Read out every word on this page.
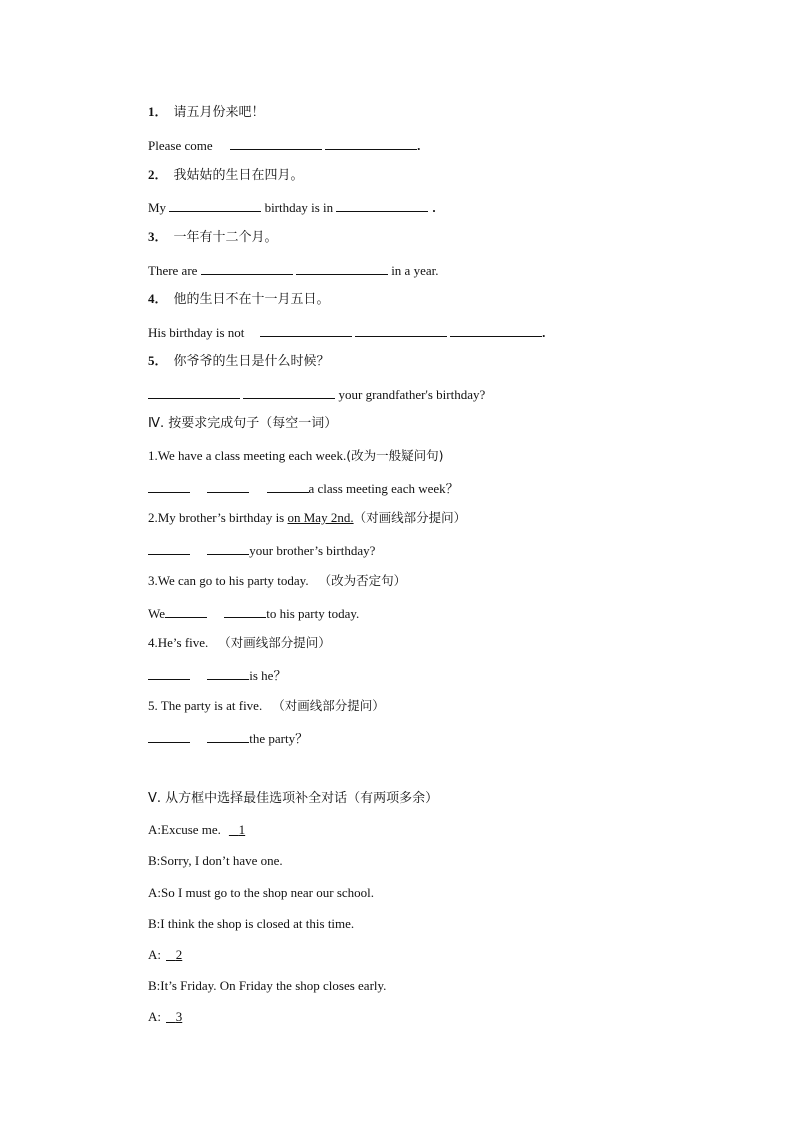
1． 请五月份来吧！
Please come	.
2． 我姑姑的生日在四月。
My	birthday is in	.
3． 一年有十二个月。
There are	in a year.
4． 他的生日不在十一月五日。
His birthday is not	.
5． 你爷爷的生日是什么时候？
your grandfather's birthday?
Ⅳ. 按要求完成句子（每空一词）
1.We have a class meeting each week.(改为一般疑问句)
a class meeting each week？
2.My brother’s birthday is on May 2nd.（对画线部分提问）
your brother’s birthday?
3.We can go to his party today. （改为否定句）
We	to his party today.
4.He’s five. （对画线部分提问）
is he？
5. The party is at five. （对画线部分提问）
the party？
Ⅴ. 从方框中选择最佳选项补全对话（有两项多余）
A:Excuse me. 1
B:Sorry, I don’t have one.
A:So I must go to the shop near our school.
B:I think the shop is closed at this time.
A: 2
B:It’s Friday. On Friday the shop closes early.
A: 3
